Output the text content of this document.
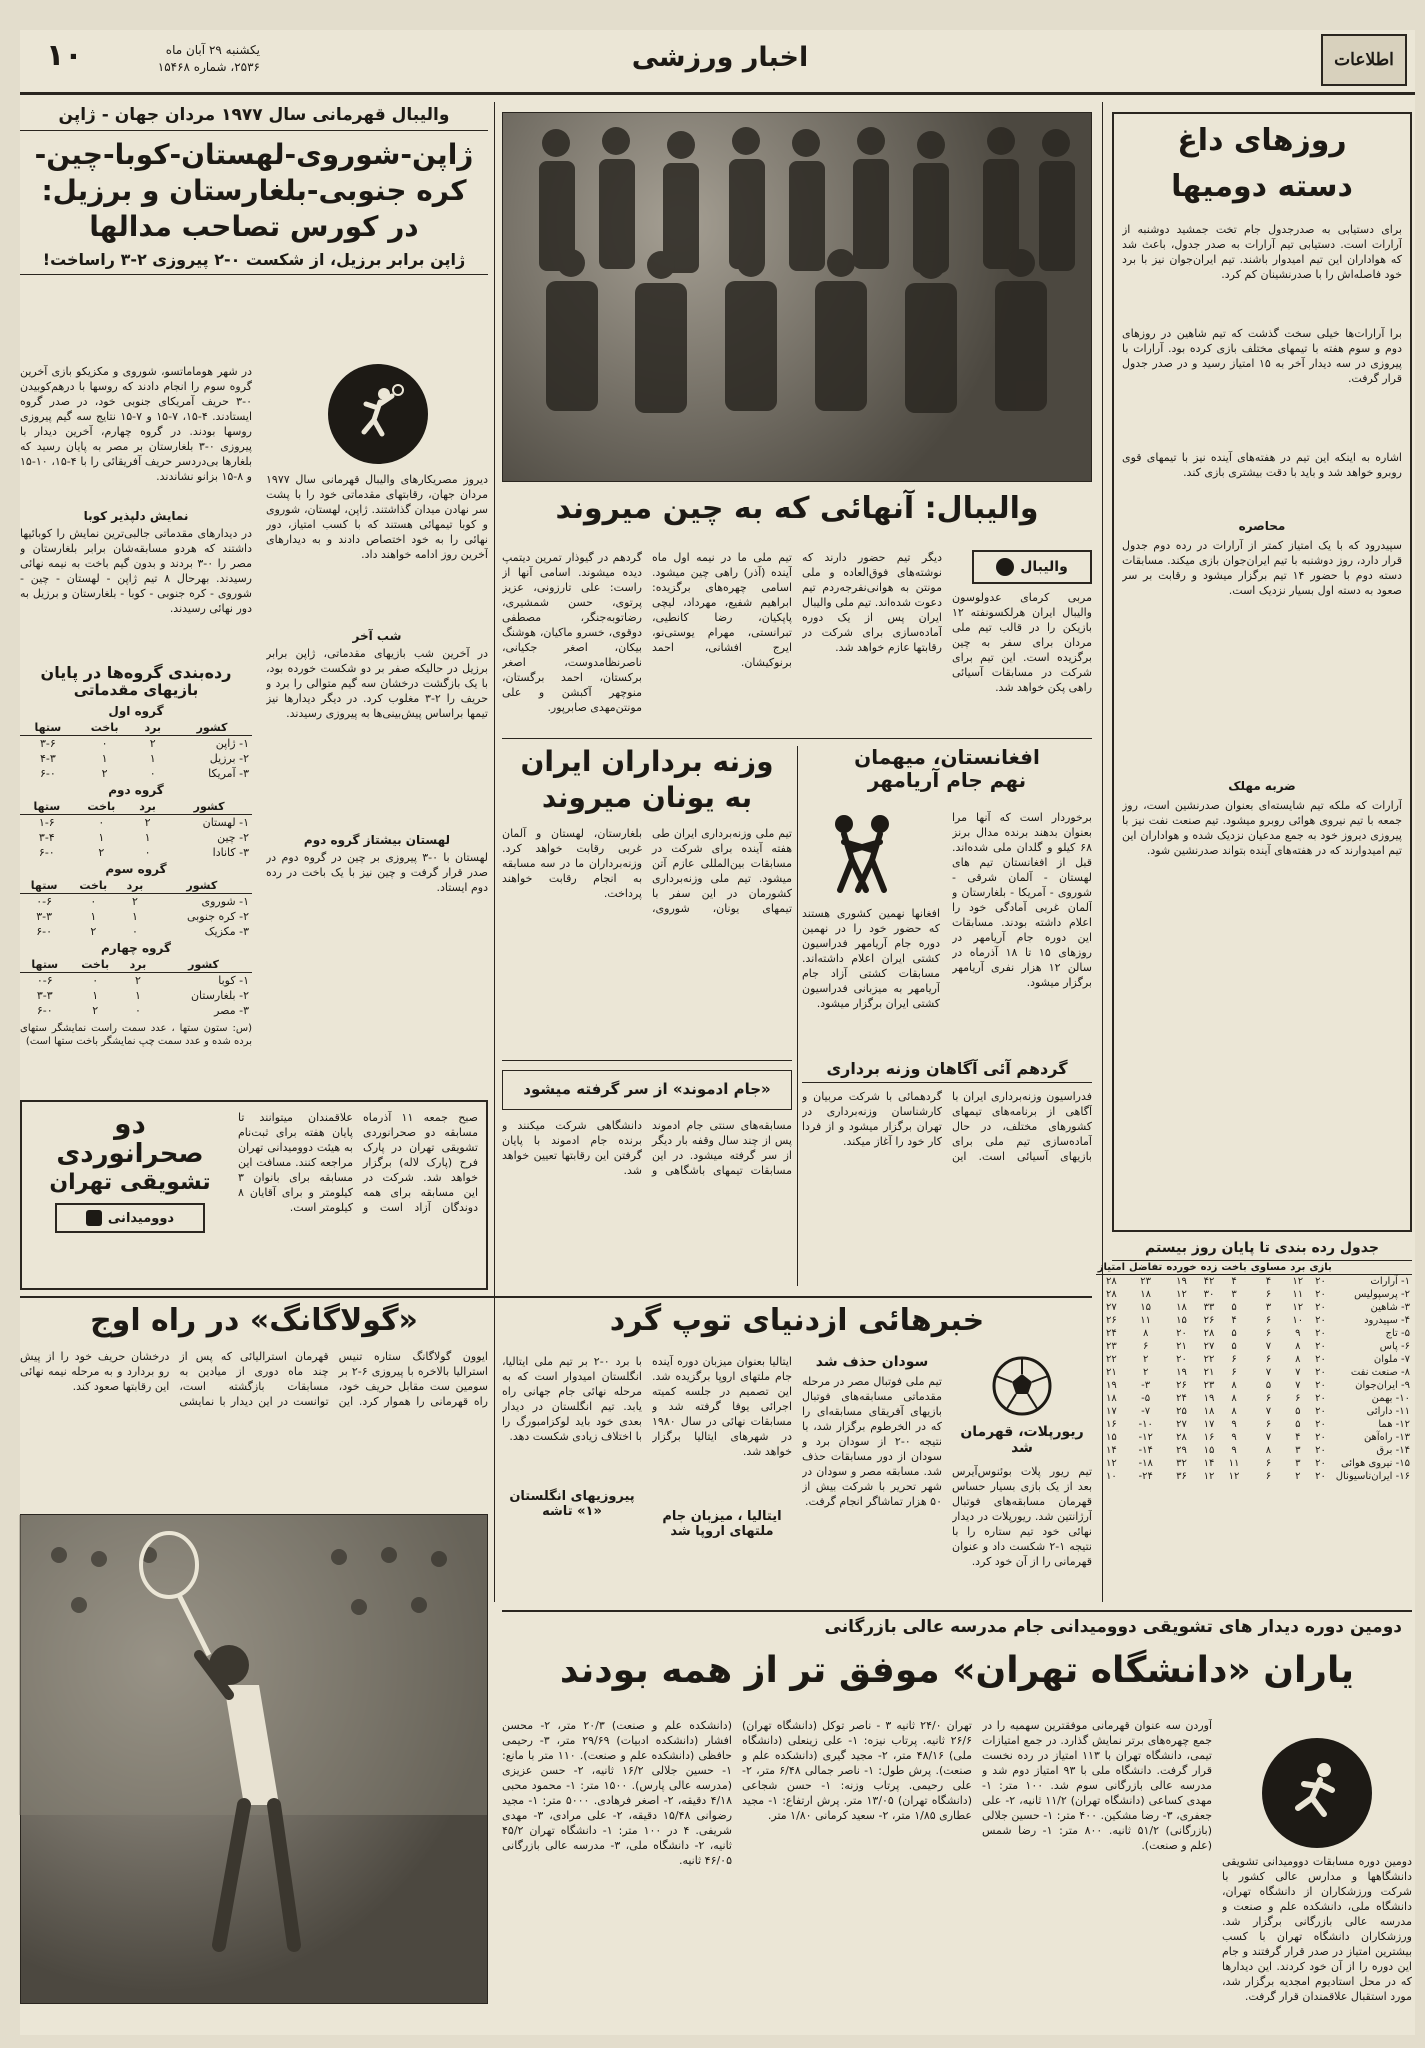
اطلاعات
اخبار ورزشی
یکشنبه ۲۹ آبان ماه
۲۵۳۶، شماره ۱۵۴۶۸
۱۰
والیبال قهرمانی سال ۱۹۷۷ مردان جهان - ژاپن
ژاپن-شوروی-لهستان-کوبا-چین-
کره جنوبی-بلغارستان و برزیل:
در کورس تصاحب مدالها
ژاپن برابر برزیل، از شکست ۰-۲ پیروزی ۲-۳ راساخت!
دیروز مصریکارهای والیبال قهرمانی سال ۱۹۷۷ مردان جهان، رقابتهای مقدماتی خود را با پشت سر نهادن میدان گذاشتند. ژاپن، لهستان، شوروی و کوبا تیمهائی هستند که با کسب امتیاز، دور نهائی را به خود اختصاص دادند و به دیدارهای آخرین روز ادامه خواهند داد.
شب آخر
در آخرین شب بازیهای مقدماتی، ژاپن برابر برزیل در حالیکه صفر بر دو شکست خورده بود، با یک بازگشت درخشان سه گیم متوالی را برد و حریف را ۲-۳ مغلوب کرد. در دیگر دیدارها نیز تیمها براساس پیش‌بینی‌ها به پیروزی رسیدند.
لهستان بیشتاز گروه دوم
لهستان با ۰-۳ پیروزی بر چین در گروه دوم در صدر قرار گرفت و چین نیز با یک باخت در رده دوم ایستاد.
در شهر هوماماتسو، شوروی و مکزیکو بازی آخرین گروه سوم را انجام دادند که روسها با درهم‌کوبیدن ۰-۳ حریف آمریکای جنوبی خود، در صدر گروه ایستادند. ۴-۱۵، ۷-۱۵ و ۷-۱۵ نتایج سه گیم پیروزی روسها بودند. در گروه چهارم، آخرین دیدار با پیروزی ۰-۳ بلغارستان بر مصر به پایان رسید که بلغارها بی‌دردسر حریف آفریقائی را با ۴-۱۵، ۱۰-۱۵ و ۸-۱۵ بزانو نشاندند.
نمایش دلپذیر کوبا
در دیدارهای مقدماتی جالبی‌ترین نمایش را کوبائیها داشتند که هردو مسابقه‌شان برابر بلغارستان و مصر را ۰-۳ بردند و بدون گیم باخت به نیمه نهائی رسیدند. بهرحال ۸ تیم ژاپن - لهستان - چین - شوروی - کره جنوبی - کوبا - بلغارستان و برزیل به دور نهائی رسیدند.
رده‌بندی گروه‌ها در پایان
بازیهای مقدماتی
گروه اول
کشور	برد	باخت	ستها
۱- ژاپن	۲	۰	۳-۶
۲- برزیل	۱	۱	۴-۳
۳- آمریکا	۰	۲	۶-۰
گروه دوم
کشور	برد	باخت	ستها
۱- لهستان	۲	۰	۱-۶
۲- چین	۱	۱	۳-۴
۳- کانادا	۰	۲	۶-۰
گروه سوم
کشور	برد	باخت	ستها
۱- شوروی	۲	۰	۰-۶
۲- کره جنوبی	۱	۱	۳-۳
۳- مکزیک	۰	۲	۶-۰
گروه چهارم
کشور	برد	باخت	ستها
۱- کوبا	۲	۰	۰-۶
۲- بلغارستان	۱	۱	۳-۳
۳- مصر	۰	۲	۶-۰
(س: ستون ستها ، عدد سمت راست نمایشگر ستهای برده شده و عدد سمت چپ نمایشگر باخت ستها است)
والیبال: آنهائی که به چین میروند
والیبال
مربی کرمای عدولوسون والیبال ایران هرلکسونفته ۱۲ بازیکن را در قالب تیم ملی مردان برای سفر به چین برگزیده است. این تیم برای شرکت در مسابقات آسیائی راهی پکن خواهد شد.
دیگر تیم حضور دارند که نوشته‌های فوق‌العاده و ملی مونتن به هوانی‌نفرجه‌ردم تیم دعوت شده‌اند. تیم ملی والیبال ایران پس از یک دوره آماده‌سازی برای شرکت در رقابتها عازم خواهد شد.
تیم ملی ما در نیمه اول ماه آینده (آذر) راهی چین میشود. اسامی چهره‌های برگزیده: ابراهیم شفیع، مهرداد، لیچی پاپکیان، رضا کانطیی، تبرانستی، مهرام یوستی‌نو، ایرج افشانی، احمد برنوکیشان.
گردهم در گیوذار تمرین دیتمپ دیده میشوند. اسامی آنها از راست: علی تارزونی، عزیز پرتوی، حسن شمشیری، رضاتوبه‌جنگر، مصطفی دوقوی، خسرو ماکیان، هوشنگ بیکان، اصغر جکیانی، ناصرنظامدوست، اصغر برکستان، احمد برگستان، منوچهر آکبشن و علی مونتن‌مهدی صابرپور.
افغانستان، میهمان
نهم جام آریامهر
افغانها نهمین کشوری هستند که حضور خود را در نهمین دوره جام آریامهر فدراسیون کشتی ایران اعلام داشته‌اند. مسابقات کشتی آزاد جام آریامهر به میزبانی فدراسیون کشتی ایران برگزار میشود.
برخوردار است که آنها مرا بعنوان بدهند برنده مدال برنز ۶۸ کیلو و گلدان ملی شده‌اند. قبل از افغانستان تیم های لهستان - آلمان شرقی - شوروی - آمریکا - بلغارستان و آلمان غربی آمادگی خود را اعلام داشته بودند. مسابقات این دوره جام آریامهر در روزهای ۱۵ تا ۱۸ آذرماه در سالن ۱۲ هزار نفری آریامهر برگزار میشود.
وزنه برداران ایران
به یونان میروند
تیم ملی وزنه‌برداری ایران طی هفته آینده برای شرکت در مسابقات بین‌المللی عازم آتن میشود. تیم ملی وزنه‌برداری کشورمان در این سفر با تیمهای یونان، شوروی، بلغارستان، لهستان و آلمان غربی رقابت خواهد کرد. وزنه‌برداران ما در سه مسابقه به انجام رقابت خواهند پرداخت.
گردهم آئی آگاهان وزنه برداری
فدراسیون وزنه‌برداری ایران با آگاهی از برنامه‌های تیمهای کشورهای مختلف، در حال آماده‌سازی تیم ملی برای بازیهای آسیائی است. این گردهمائی با شرکت مربیان و کارشناسان وزنه‌برداری در تهران برگزار میشود و از فردا کار خود را آغاز میکند.
«جام ادموند» از سر گرفته میشود
مسابقه‌های سنتی جام ادموند پس از چند سال وقفه بار دیگر از سر گرفته میشود. در این مسابقات تیمهای باشگاهی و دانشگاهی شرکت میکنند و برنده جام ادموند با پایان گرفتن این رقابتها تعیین خواهد شد.
دو
صحرانوردی
تشویقی تهران
دوومیدانی
صبح جمعه ۱۱ آذرماه مسابقه دو صحرانوردی تشویقی تهران در پارک فرح (پارک لاله) برگزار خواهد شد. شرکت در این مسابقه برای همه دوندگان آزاد است و علاقمندان میتوانند تا پایان هفته برای ثبت‌نام به هیئت دوومیدانی تهران مراجعه کنند. مسافت این مسابقه برای بانوان ۳ کیلومتر و برای آقایان ۸ کیلومتر است.
«گولاگانگ» در راه اوج
ایوون گولاگانگ ستاره تنیس استرالیا بالاخره با پیروزی ۶-۲ بر سومین ست مقابل حریف خود، راه قهرمانی را هموار کرد. این قهرمان استرالیائی که پس از چند ماه دوری از میادین به مسابقات بازگشته است، توانست در این دیدار با نمایشی درخشان حریف خود را از پیش رو بردارد و به مرحله نیمه نهائی این رقابتها صعود کند.
خبرهائی ازدنیای توپ گرد
ریورپلات، قهرمان شد
تیم ریور پلات بوئنوس‌آیرس بعد از یک بازی بسیار حساس قهرمان مسابقه‌های فوتبال آرژانتین شد. ریورپلات در دیدار نهائی خود تیم ستاره را با نتیجه ۱-۲ شکست داد و عنوان قهرمانی را از آن خود کرد.
سودان حذف شد
تیم ملی فوتبال مصر در مرحله مقدماتی مسابقه‌های فوتبال بازیهای آفریقای مسابقه‌ای را که در الخرطوم برگزار شد، با نتیجه ۰-۲ از سودان برد و سودان از دور مسابقات حذف شد. مسابقه مصر و سودان در شهر تحریر با شرکت بیش از ۵۰ هزار تماشاگر انجام گرفت.
ایتالیا بعنوان میزبان دوره آینده جام ملتهای اروپا برگزیده شد. این تصمیم در جلسه کمیته اجرائی یوفا گرفته شد و مسابقات نهائی در سال ۱۹۸۰ در شهرهای ایتالیا برگزار خواهد شد.
ایتالیا ، میزبان جام ملتهای اروپا شد
با برد ۰-۲ بر تیم ملی ایتالیا، انگلستان امیدوار است که به مرحله نهائی جام جهانی راه یابد. تیم انگلستان در دیدار بعدی خود باید لوکزامبورگ را با اختلاف زیادی شکست دهد.
پیروزیهای انگلستان
«۱» تاشه
روزهای داغ
دسته دومیها
برای دستیابی به صدرجدول جام تخت جمشید دوشنبه از آرارات است. دستیابی تیم آرارات به صدر جدول، باعث شد که هواداران این تیم امیدوار باشند. تیم ایران‌جوان نیز با برد خود فاصله‌اش را با صدرنشینان کم کرد.
برا آرارات‌ها خیلی سخت گذشت که تیم شاهین در روزهای دوم و سوم هفته با تیمهای مختلف بازی کرده بود. آرارات با پیروزی در سه دیدار آخر به ۱۵ امتیاز رسید و در صدر جدول قرار گرفت.
اشاره به اینکه این تیم در هفته‌های آینده نیز با تیمهای قوی روبرو خواهد شد و باید با دقت بیشتری بازی کند.
محاصره
سپیدرود که با یک امتیاز کمتر از آرارات در رده دوم جدول قرار دارد، روز دوشنبه با تیم ایران‌جوان بازی میکند. مسابقات دسته دوم با حضور ۱۴ تیم برگزار میشود و رقابت بر سر صعود به دسته اول بسیار نزدیک است.
ضربه مهلک
آرارات که ملکه تیم شایسته‌ای بعنوان صدرنشین است، روز جمعه با تیم نیروی هوائی روبرو میشود. تیم صنعت نفت نیز با پیروزی دیروز خود به جمع مدعیان نزدیک شده و هواداران این تیم امیدوارند که در هفته‌های آینده بتواند صدرنشین شود.
جدول رده بندی تا پایان روز بیستم
	بازی	برد	مساوی	باخت	زده	خورده	تفاضل	امتیاز
۱- آرارات	۲۰	۱۲	۴	۴	۴۲	۱۹	۲۳	۲۸
۲- پرسپولیس	۲۰	۱۱	۶	۳	۳۰	۱۲	۱۸	۲۸
۳- شاهین	۲۰	۱۲	۳	۵	۳۳	۱۸	۱۵	۲۷
۴- سپیدرود	۲۰	۱۰	۶	۴	۲۶	۱۵	۱۱	۲۶
۵- تاج	۲۰	۹	۶	۵	۲۸	۲۰	۸	۲۴
۶- پاس	۲۰	۸	۷	۵	۲۷	۲۱	۶	۲۳
۷- ملوان	۲۰	۸	۶	۶	۲۲	۲۰	۲	۲۲
۸- صنعت نفت	۲۰	۷	۷	۶	۲۱	۱۹	۲	۲۱
۹- ایران‌جوان	۲۰	۷	۵	۸	۲۳	۲۶	۳-	۱۹
۱۰- بهمن	۲۰	۶	۶	۸	۱۹	۲۴	۵-	۱۸
۱۱- دارائی	۲۰	۵	۷	۸	۱۸	۲۵	۷-	۱۷
۱۲- هما	۲۰	۵	۶	۹	۱۷	۲۷	۱۰-	۱۶
۱۳- راه‌آهن	۲۰	۴	۷	۹	۱۶	۲۸	۱۲-	۱۵
۱۴- برق	۲۰	۳	۸	۹	۱۵	۲۹	۱۴-	۱۴
۱۵- نیروی هوائی	۲۰	۳	۶	۱۱	۱۴	۳۲	۱۸-	۱۲
۱۶- ایران‌ناسیونال	۲۰	۲	۶	۱۲	۱۲	۳۶	۲۴-	۱۰
دومین دوره دیدار های تشویقی دوومیدانی جام مدرسه عالی بازرگانی
یاران «دانشگاه تهران» موفق تر از همه بودند
دومین دوره مسابقات دوومیدانی تشویقی دانشگاهها و مدارس عالی کشور با شرکت ورزشکاران از دانشگاه تهران، دانشگاه ملی، دانشکده علم و صنعت و مدرسه عالی بازرگانی برگزار شد. ورزشکاران دانشگاه تهران با کسب بیشترین امتیاز در صدر قرار گرفتند و جام این دوره را از آن خود کردند. این دیدارها که در محل استادیوم امجدیه برگزار شد، مورد استقبال علاقمندان قرار گرفت.
آوردن سه عنوان قهرمانی موفقترین سهمیه را در جمع چهره‌های برتر نمایش گذارد. در جمع امتیازات تیمی، دانشگاه تهران با ۱۱۳ امتیاز در رده نخست قرار گرفت. دانشگاه ملی با ۹۳ امتیاز دوم شد و مدرسه عالی بازرگانی سوم شد. ۱۰۰ متر: ۱- مهدی کساعی (دانشگاه تهران) ۱۱/۲ ثانیه، ۲- علی جعفری، ۳- رضا مشکین. ۴۰۰ متر: ۱- حسین جلالی (بازرگانی) ۵۱/۲ ثانیه. ۸۰۰ متر: ۱- رضا شمس (علم و صنعت).
تهران ۲۴/۰ ثانیه ۳ - ناصر توکل (دانشگاه تهران) ۲۶/۶ ثانیه. پرتاب نیزه: ۱- علی زینعلی (دانشگاه ملی) ۴۸/۱۶ متر، ۲- مجید گیری (دانشکده علم و صنعت). پرش طول: ۱- ناصر جمالی ۶/۴۸ متر، ۲- علی رحیمی. پرتاب وزنه: ۱- حسن شجاعی (دانشگاه تهران) ۱۳/۰۵ متر. پرش ارتفاع: ۱- مجید عطاری ۱/۸۵ متر، ۲- سعید کرمانی ۱/۸۰ متر.
(دانشکده علم و صنعت) ۲۰/۳ متر، ۲- محسن افشار (دانشکده ادبیات) ۲۹/۶۹ متر، ۳- رحیمی حافظی (دانشکده علم و صنعت). ۱۱۰ متر با مانع: ۱- حسین جلالی ۱۶/۲ ثانیه، ۲- حسن عزیزی (مدرسه عالی پارس). ۱۵۰۰ متر: ۱- محمود محبی ۴/۱۸ دقیقه، ۲- اصغر فرهادی. ۵۰۰۰ متر: ۱- مجید رضوانی ۱۵/۴۸ دقیقه، ۲- علی مرادی، ۳- مهدی شریفی. ۴ در ۱۰۰ متر: ۱- دانشگاه تهران ۴۵/۲ ثانیه، ۲- دانشگاه ملی، ۳- مدرسه عالی بازرگانی ۴۶/۰۵ ثانیه.
